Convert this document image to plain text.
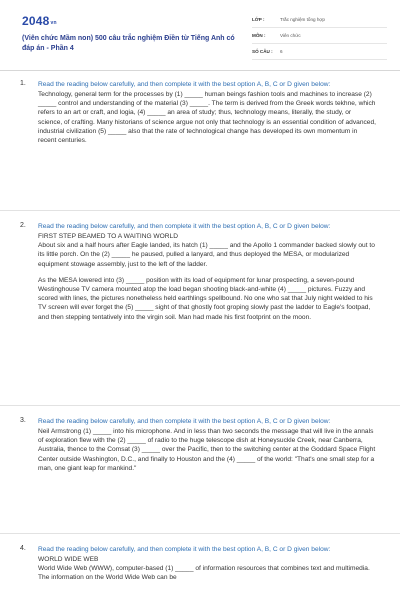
$2048_{vn}$
(Viên chức Mầm non) 500 câu trắc nghiệm Điền từ Tiếng Anh có đáp án - Phần 4
LỚP :	Trắc nghiệm tổng hợp
MÔN :	Viên chức
SỐ CÂU :	6
1. Read the reading below carefully, and then complete it with the best option A, B, C or D given below:

Technology, general term for the processes by (1) _____ human beings fashion tools and machines to increase (2) _____ control and understanding of the material (3) _____. The term is derived from the Greek words tekhne, which refers to an art or craft, and logia, (4) _____ an area of study; thus, technology means, literally, the study, or science, of crafting. Many historians of science argue not only that technology is an essential condition of advanced, industrial civilization (5) _____ also that the rate of technological change has developed its own momentum in recent centuries.

2. Read the reading below carefully, and then complete it with the best option A, B, C or D given below:

FIRST STEP BEAMED TO A WAITING WORLD

About six and a half hours after Eagle landed, its hatch (1) _____ and the Apollo 1 commander backed slowly out to its little porch. On the (2) _____ he paused, pulled a lanyard, and thus deployed the MESA, or modularized equipment stowage assembly, just to the left of the ladder.

As the MESA lowered into (3) _____ position with its load of equipment for lunar prospecting, a seven-pound Westinghouse TV camera mounted atop the load began shooting black-and-white (4) _____ pictures. Fuzzy and scored with lines, the pictures nonetheless held earthlings spellbound. No one who sat that July night welded to his TV screen will ever forget the (5) _____ sight of that ghostly foot groping slowly past the ladder to Eagle's footpad, and then stepping tentatively into the virgin soil. Man had made his first footprint on the moon.

3. Read the reading below carefully, and then complete it with the best option A, B, C or D given below:

Neil Armstrong (1) _____ into his microphone. And in less than two seconds the message that will live in the annals of exploration flew with the (2) _____ of radio to the huge telescope dish at Honeysuckle Creek, near Canberra, Australia, thence to the Comsat (3) _____ over the Pacific, then to the switching center at the Goddard Space Flight Center outside Washington, D.C., and finally to Houston and the (4) _____ of the world: "That's one small step for a man, one giant leap for mankind."

4. Read the reading below carefully, and then complete it with the best option A, B, C or D given below:

WORLD WIDE WEB

World Wide Web (WWW), computer-based (1) _____ of information resources that combines text and multimedia. The information on the World Wide Web can be
